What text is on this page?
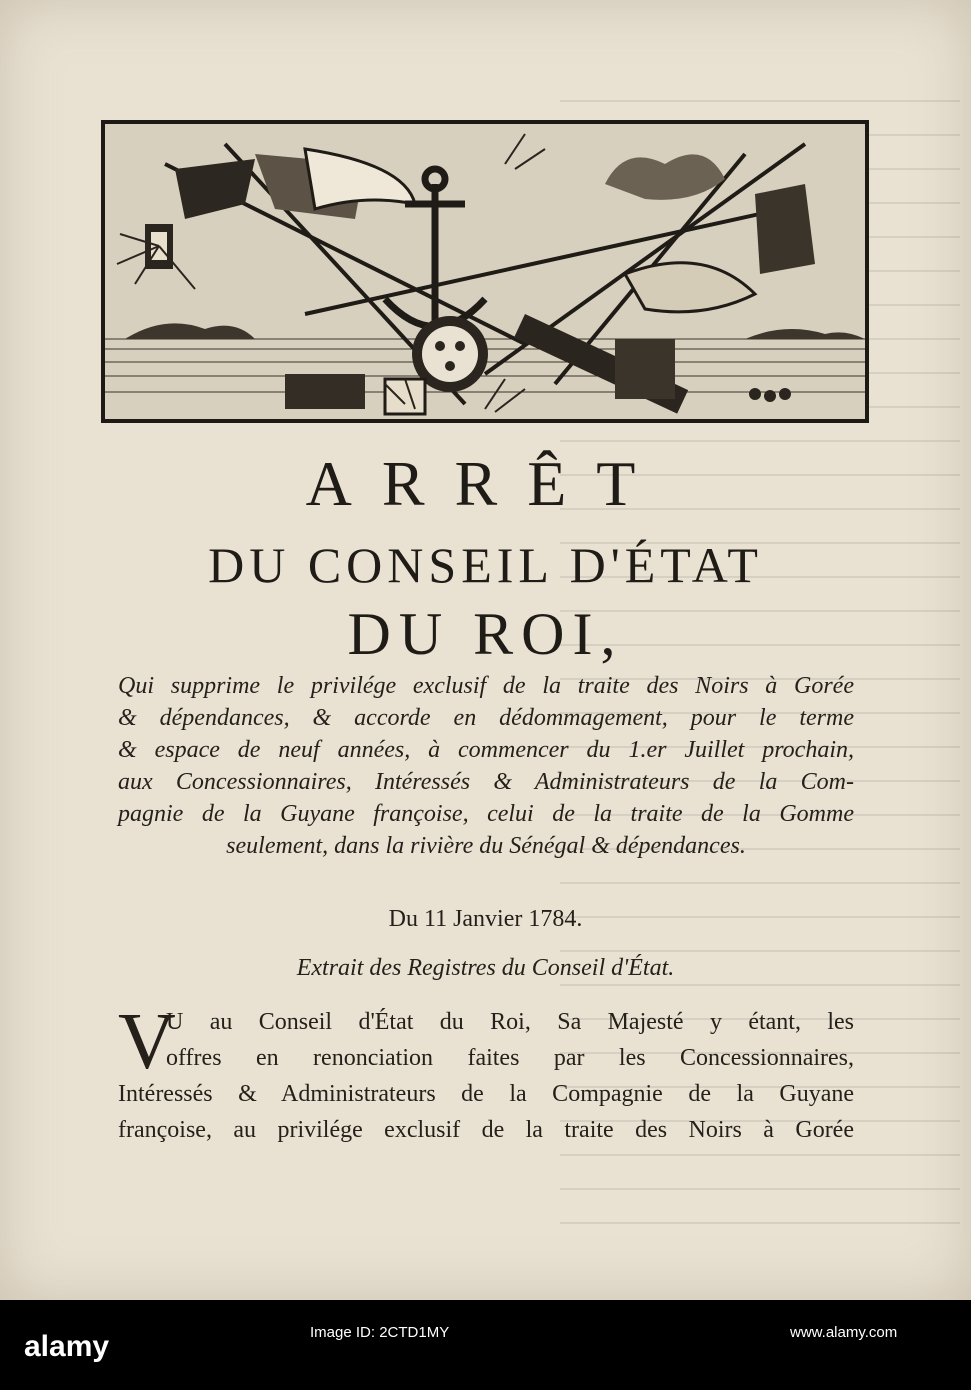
ARRÊT
DU CONSEIL D'ÉTAT
DU ROI,
Qui supprime le privilége exclusif de la traite des Noirs à Gorée
& dépendances, & accorde en dédommagement, pour le terme
& espace de neuf années, à commencer du 1.er Juillet prochain,
aux Concessionnaires, Intéressés & Administrateurs de la Com-
pagnie de la Guyane françoise, celui de la traite de la Gomme
seulement, dans la rivière du Sénégal & dépendances.
Du 11 Janvier 1784.
Extrait des Registres du Conseil d'État.
V
U au Conseil d'État du Roi, Sa Majesté y étant, les
offres en renonciation faites par les Concessionnaires,
Intéressés & Administrateurs de la Compagnie de la Guyane
françoise, au privilége exclusif de la traite des Noirs à Gorée
alamy	Image ID: 2CTD1MY	www.alamy.com
